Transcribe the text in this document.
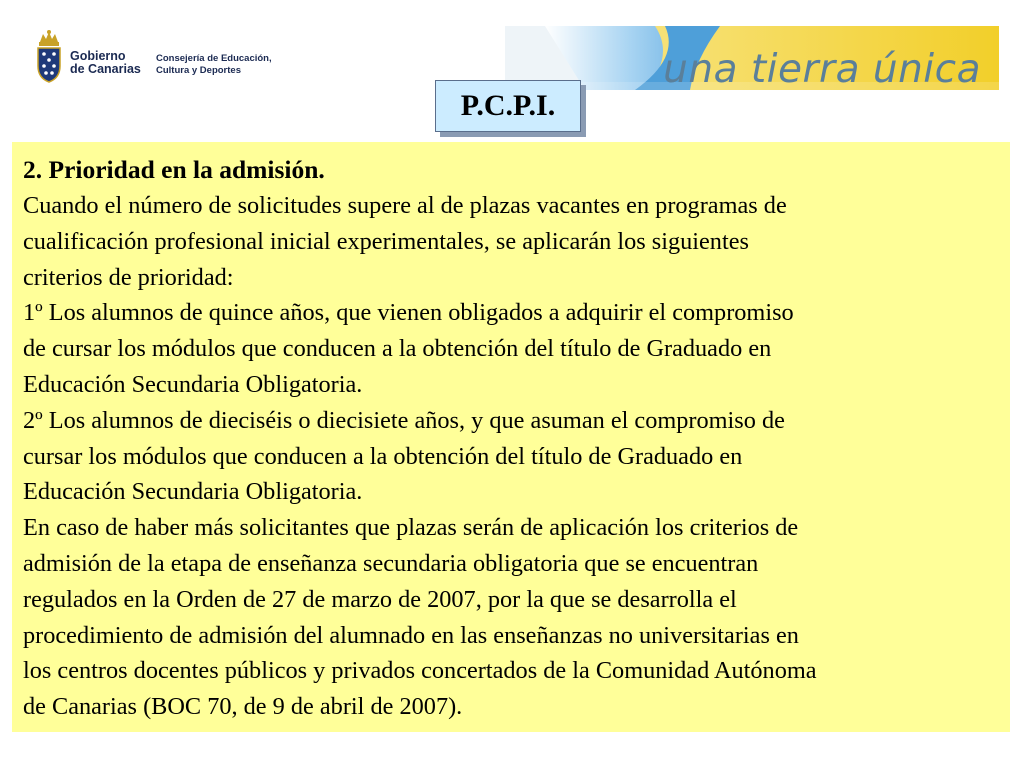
Gobierno
de Canarias
Consejería de Educación,
Cultura y Deportes	una tierra única
P.C.P.I.

2. Prioridad en la admisión.

Cuando el número de solicitudes supere al de plazas vacantes en programas de

cualificación profesional inicial experimentales, se aplicarán los siguientes

criterios de prioridad:

1º Los alumnos de quince años, que vienen obligados a adquirir el compromiso

de cursar los módulos que conducen a la obtención del título de Graduado en

Educación Secundaria Obligatoria.

2º Los alumnos de dieciséis o diecisiete años, y que asuman el compromiso de

cursar los módulos que conducen a la obtención del título de Graduado en

Educación Secundaria Obligatoria.

En caso de haber más solicitantes que plazas serán de aplicación los criterios de

admisión de la etapa de enseñanza secundaria obligatoria que se encuentran

regulados en la Orden de 27 de marzo de 2007, por la que se desarrolla el

procedimiento de admisión del alumnado en las enseñanzas no universitarias en

los centros docentes públicos y privados concertados de la Comunidad Autónoma

de Canarias (BOC 70, de 9 de abril de 2007).
